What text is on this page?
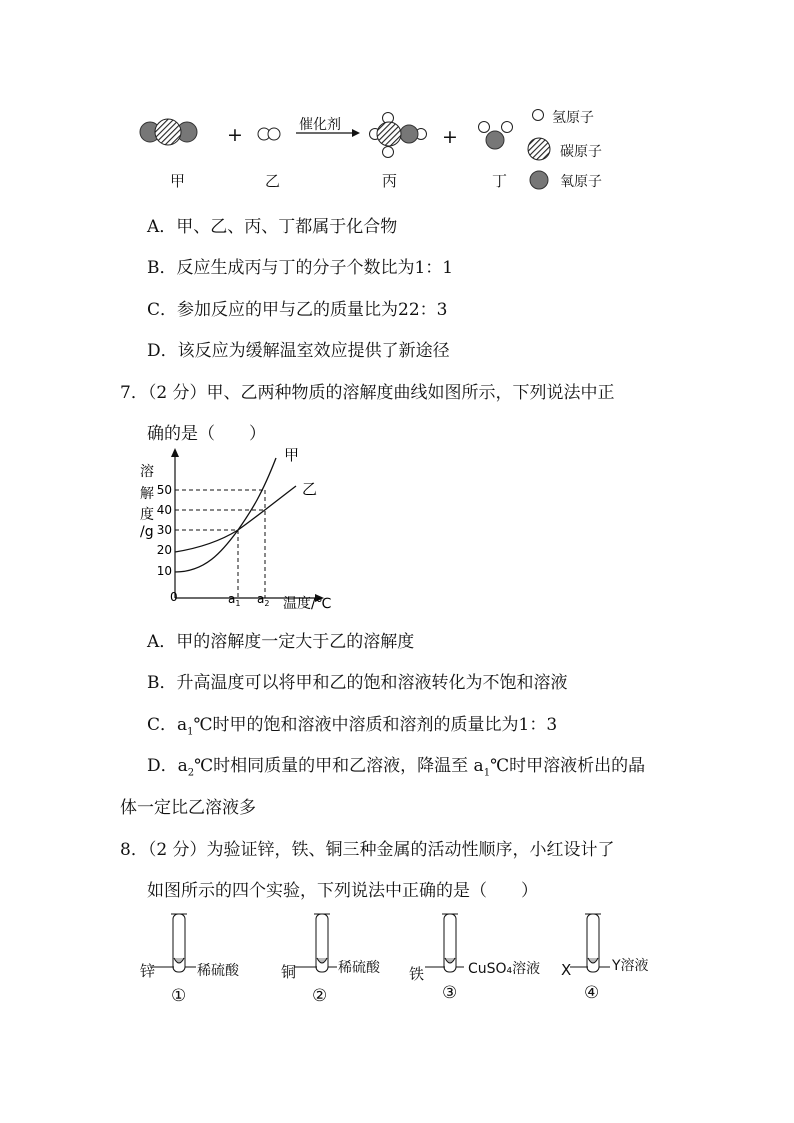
+	+
催化剂	氢原子
碳原子
氧原子
甲	乙	丙	丁
A．甲、乙、丙、丁都属于化合物
B．反应生成丙与丁的分子个数比为1：1
C．参加反应的甲与乙的质量比为22：3
D．该反应为缓解温室效应提供了新途径
7．（2 分）甲、乙两种物质的溶解度曲线如图所示，下列说法中正
确的是（　　）
溶
解
度
/g
10
20
30
40
50
0
甲
乙
$a_1$ $a_2$ 温度/℃
A．甲的溶解度一定大于乙的溶解度
B．升高温度可以将甲和乙的饱和溶液转化为不饱和溶液
C．$a_1℃$时甲的饱和溶液中溶质和溶剂的质量比为1：3
D．$a_2℃$时相同质量的甲和乙溶液，降温至 $a_1℃$时甲溶液析出的晶
体一定比乙溶液多
8．（2 分）为验证锌，铁、铜三种金属的活动性顺序，小红设计了
如图所示的四个实验，下列说法中正确的是（　　）
锌	稀硫酸
①
铜	稀硫酸
②
铁	CuSO₄溶液
③
X	Y溶液
④
